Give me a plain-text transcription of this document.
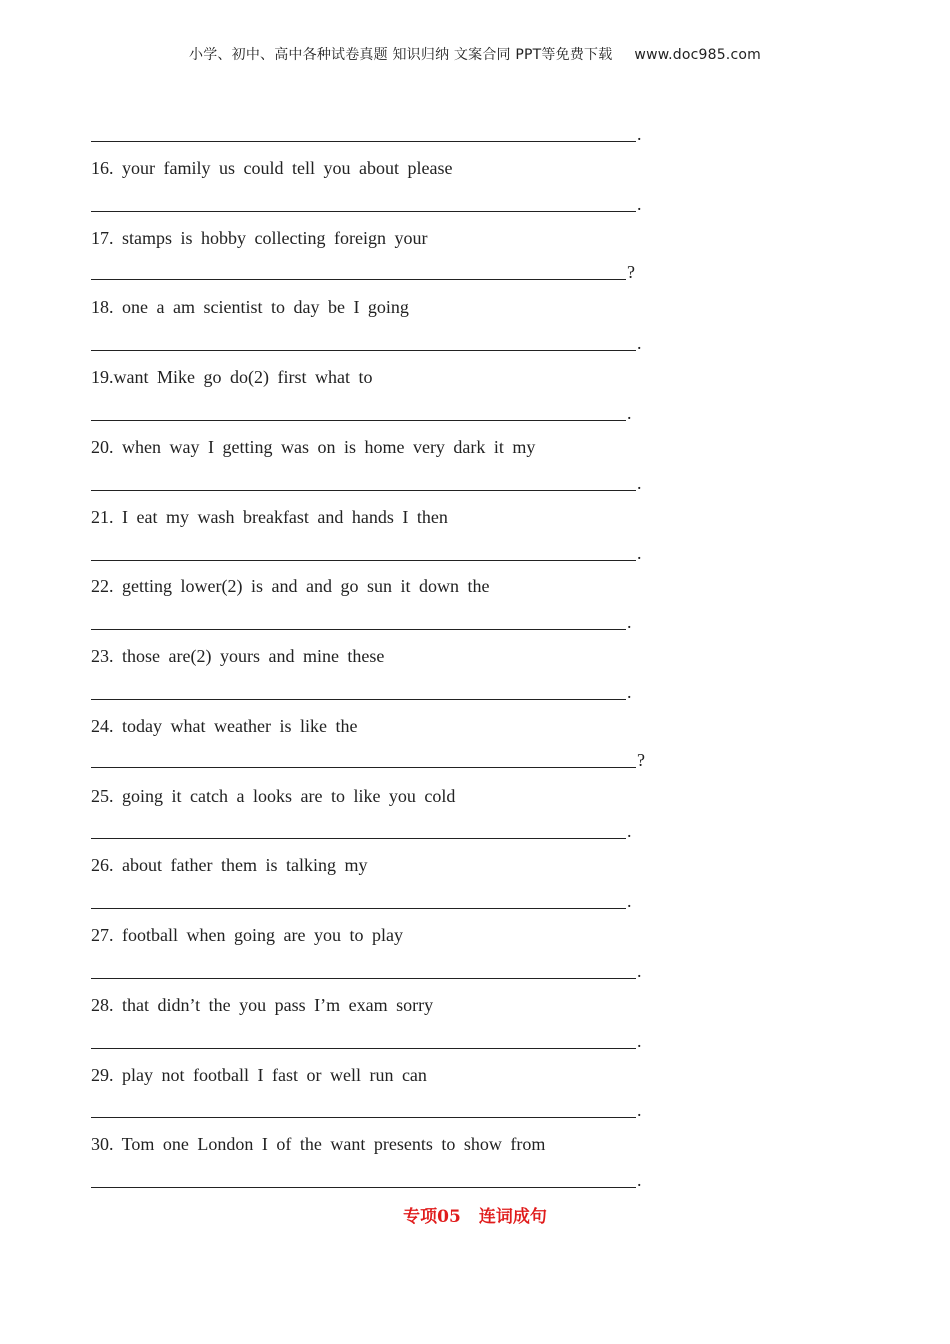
小学、初中、高中各种试卷真题 知识归纳 文案合同 PPT等免费下载 www.doc985.com
.
16. your family us could tell you about please
.
17. stamps is hobby collecting foreign your
?
18. one a am scientist to day be I going
.
19.want Mike go do(2) first what to
.
20. when way I getting was on is home very dark it my
.
21. I eat my wash breakfast and hands I then
.
22. getting lower(2) is and and go sun it down the
.
23. those are(2) yours and mine these
.
24. today what weather is like the
?
25. going it catch a looks are to like you cold
.
26. about father them is talking my
.
27. football when going are you to play
.
28. that didn’t the you pass I’m exam sorry
.
29. play not football I fast or well run can
.
30. Tom one London I of the want presents to show from
.
专项05 连词成句
